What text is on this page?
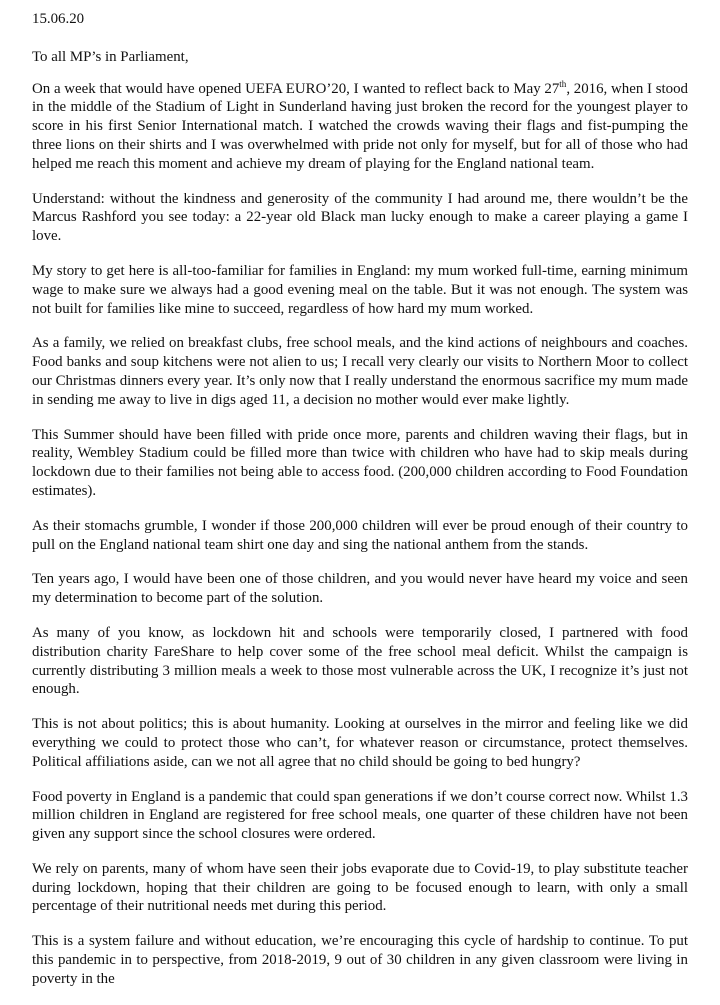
15.06.20

To all MP’s in Parliament,

On a week that would have opened UEFA EURO’20, I wanted to reflect back to May 27th, 2016, when I stood in the middle of the Stadium of Light in Sunderland having just broken the record for the youngest player to score in his first Senior International match. I watched the crowds waving their flags and fist-pumping the three lions on their shirts and I was overwhelmed with pride not only for myself, but for all of those who had helped me reach this moment and achieve my dream of playing for the England national team.

Understand: without the kindness and generosity of the community I had around me, there wouldn’t be the Marcus Rashford you see today: a 22-year old Black man lucky enough to make a career playing a game I love.

My story to get here is all-too-familiar for families in England: my mum worked full-time, earning minimum wage to make sure we always had a good evening meal on the table. But it was not enough. The system was not built for families like mine to succeed, regardless of how hard my mum worked.

As a family, we relied on breakfast clubs, free school meals, and the kind actions of neighbours and coaches. Food banks and soup kitchens were not alien to us; I recall very clearly our visits to Northern Moor to collect our Christmas dinners every year. It’s only now that I really understand the enormous sacrifice my mum made in sending me away to live in digs aged 11, a decision no mother would ever make lightly.

This Summer should have been filled with pride once more, parents and children waving their flags, but in reality, Wembley Stadium could be filled more than twice with children who have had to skip meals during lockdown due to their families not being able to access food. (200,000 children according to Food Foundation estimates).

As their stomachs grumble, I wonder if those 200,000 children will ever be proud enough of their country to pull on the England national team shirt one day and sing the national anthem from the stands.

Ten years ago, I would have been one of those children, and you would never have heard my voice and seen my determination to become part of the solution.

As many of you know, as lockdown hit and schools were temporarily closed, I partnered with food distribution charity FareShare to help cover some of the free school meal deficit. Whilst the campaign is currently distributing 3 million meals a week to those most vulnerable across the UK, I recognize it’s just not enough.

This is not about politics; this is about humanity. Looking at ourselves in the mirror and feeling like we did everything we could to protect those who can’t, for whatever reason or circumstance, protect themselves. Political affiliations aside, can we not all agree that no child should be going to bed hungry?

Food poverty in England is a pandemic that could span generations if we don’t course correct now. Whilst 1.3 million children in England are registered for free school meals, one quarter of these children have not been given any support since the school closures were ordered.

We rely on parents, many of whom have seen their jobs evaporate due to Covid-19, to play substitute teacher during lockdown, hoping that their children are going to be focused enough to learn, with only a small percentage of their nutritional needs met during this period.

This is a system failure and without education, we’re encouraging this cycle of hardship to continue. To put this pandemic in to perspective, from 2018-2019, 9 out of 30 children in any given classroom were living in poverty in the
